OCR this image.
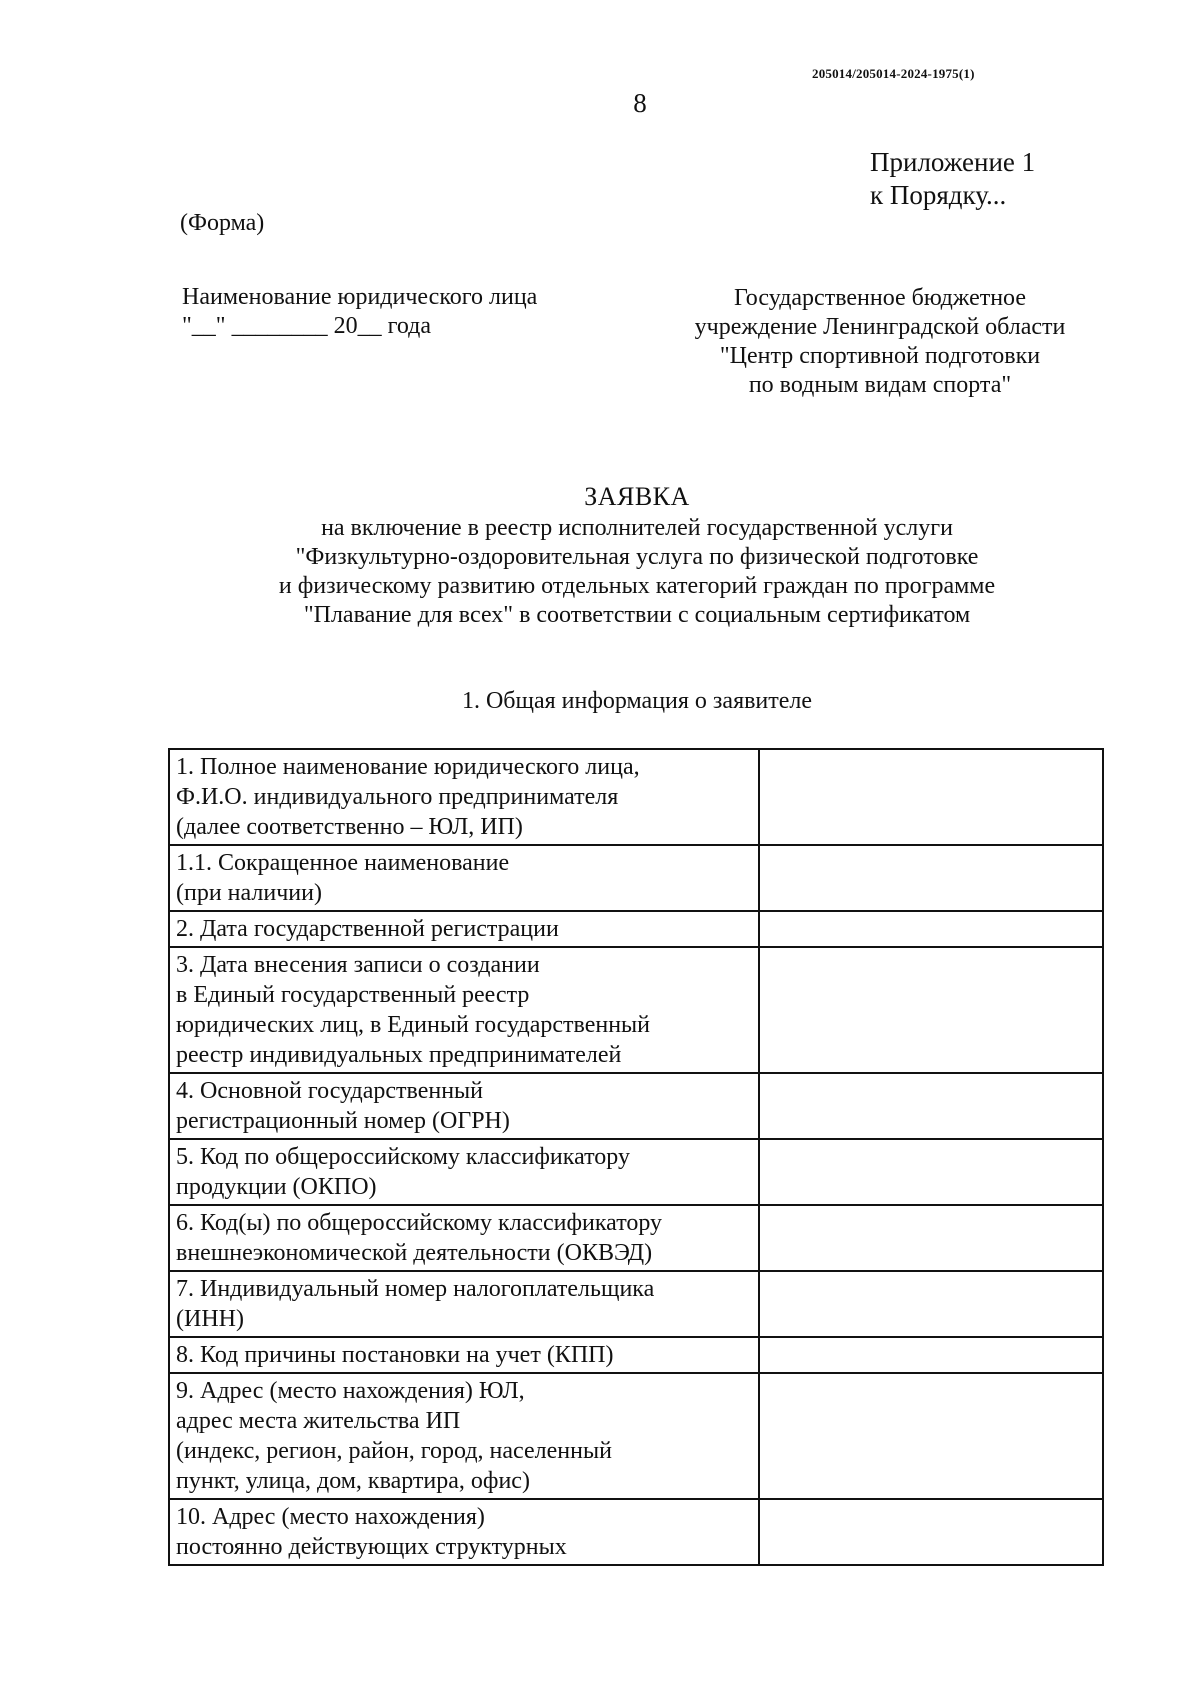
205014/205014-2024-1975(1)
8
Приложение 1
к Порядку...
(Форма)
Наименование юридического лица
"__" ________ 20__ года
Государственное бюджетное
учреждение Ленинградской области
"Центр спортивной подготовки
по водным видам спорта"
ЗАЯВКА
на включение в реестр исполнителей государственной услуги
"Физкультурно-оздоровительная услуга по физической подготовке
и физическому развитию отдельных категорий граждан по программе
"Плавание для всех" в соответствии с социальным сертификатом
1. Общая информация о заявителе
1. Полное наименование юридического лица,
Ф.И.О. индивидуального предпринимателя
(далее соответственно – ЮЛ, ИП)	
1.1. Сокращенное наименование
(при наличии)	
2. Дата государственной регистрации	
3. Дата внесения записи о создании
в Единый государственный реестр
юридических лиц, в Единый государственный
реестр индивидуальных предпринимателей	
4. Основной государственный
регистрационный номер (ОГРН)	
5. Код по общероссийскому классификатору
продукции (ОКПО)	
6. Код(ы) по общероссийскому классификатору
внешнеэкономической деятельности (ОКВЭД)	
7. Индивидуальный номер налогоплательщика
(ИНН)	
8. Код причины постановки на учет (КПП)	
9. Адрес (место нахождения) ЮЛ,
адрес места жительства ИП
(индекс, регион, район, город, населенный
пункт, улица, дом, квартира, офис)	
10. Адрес (место нахождения)
постоянно действующих структурных	
